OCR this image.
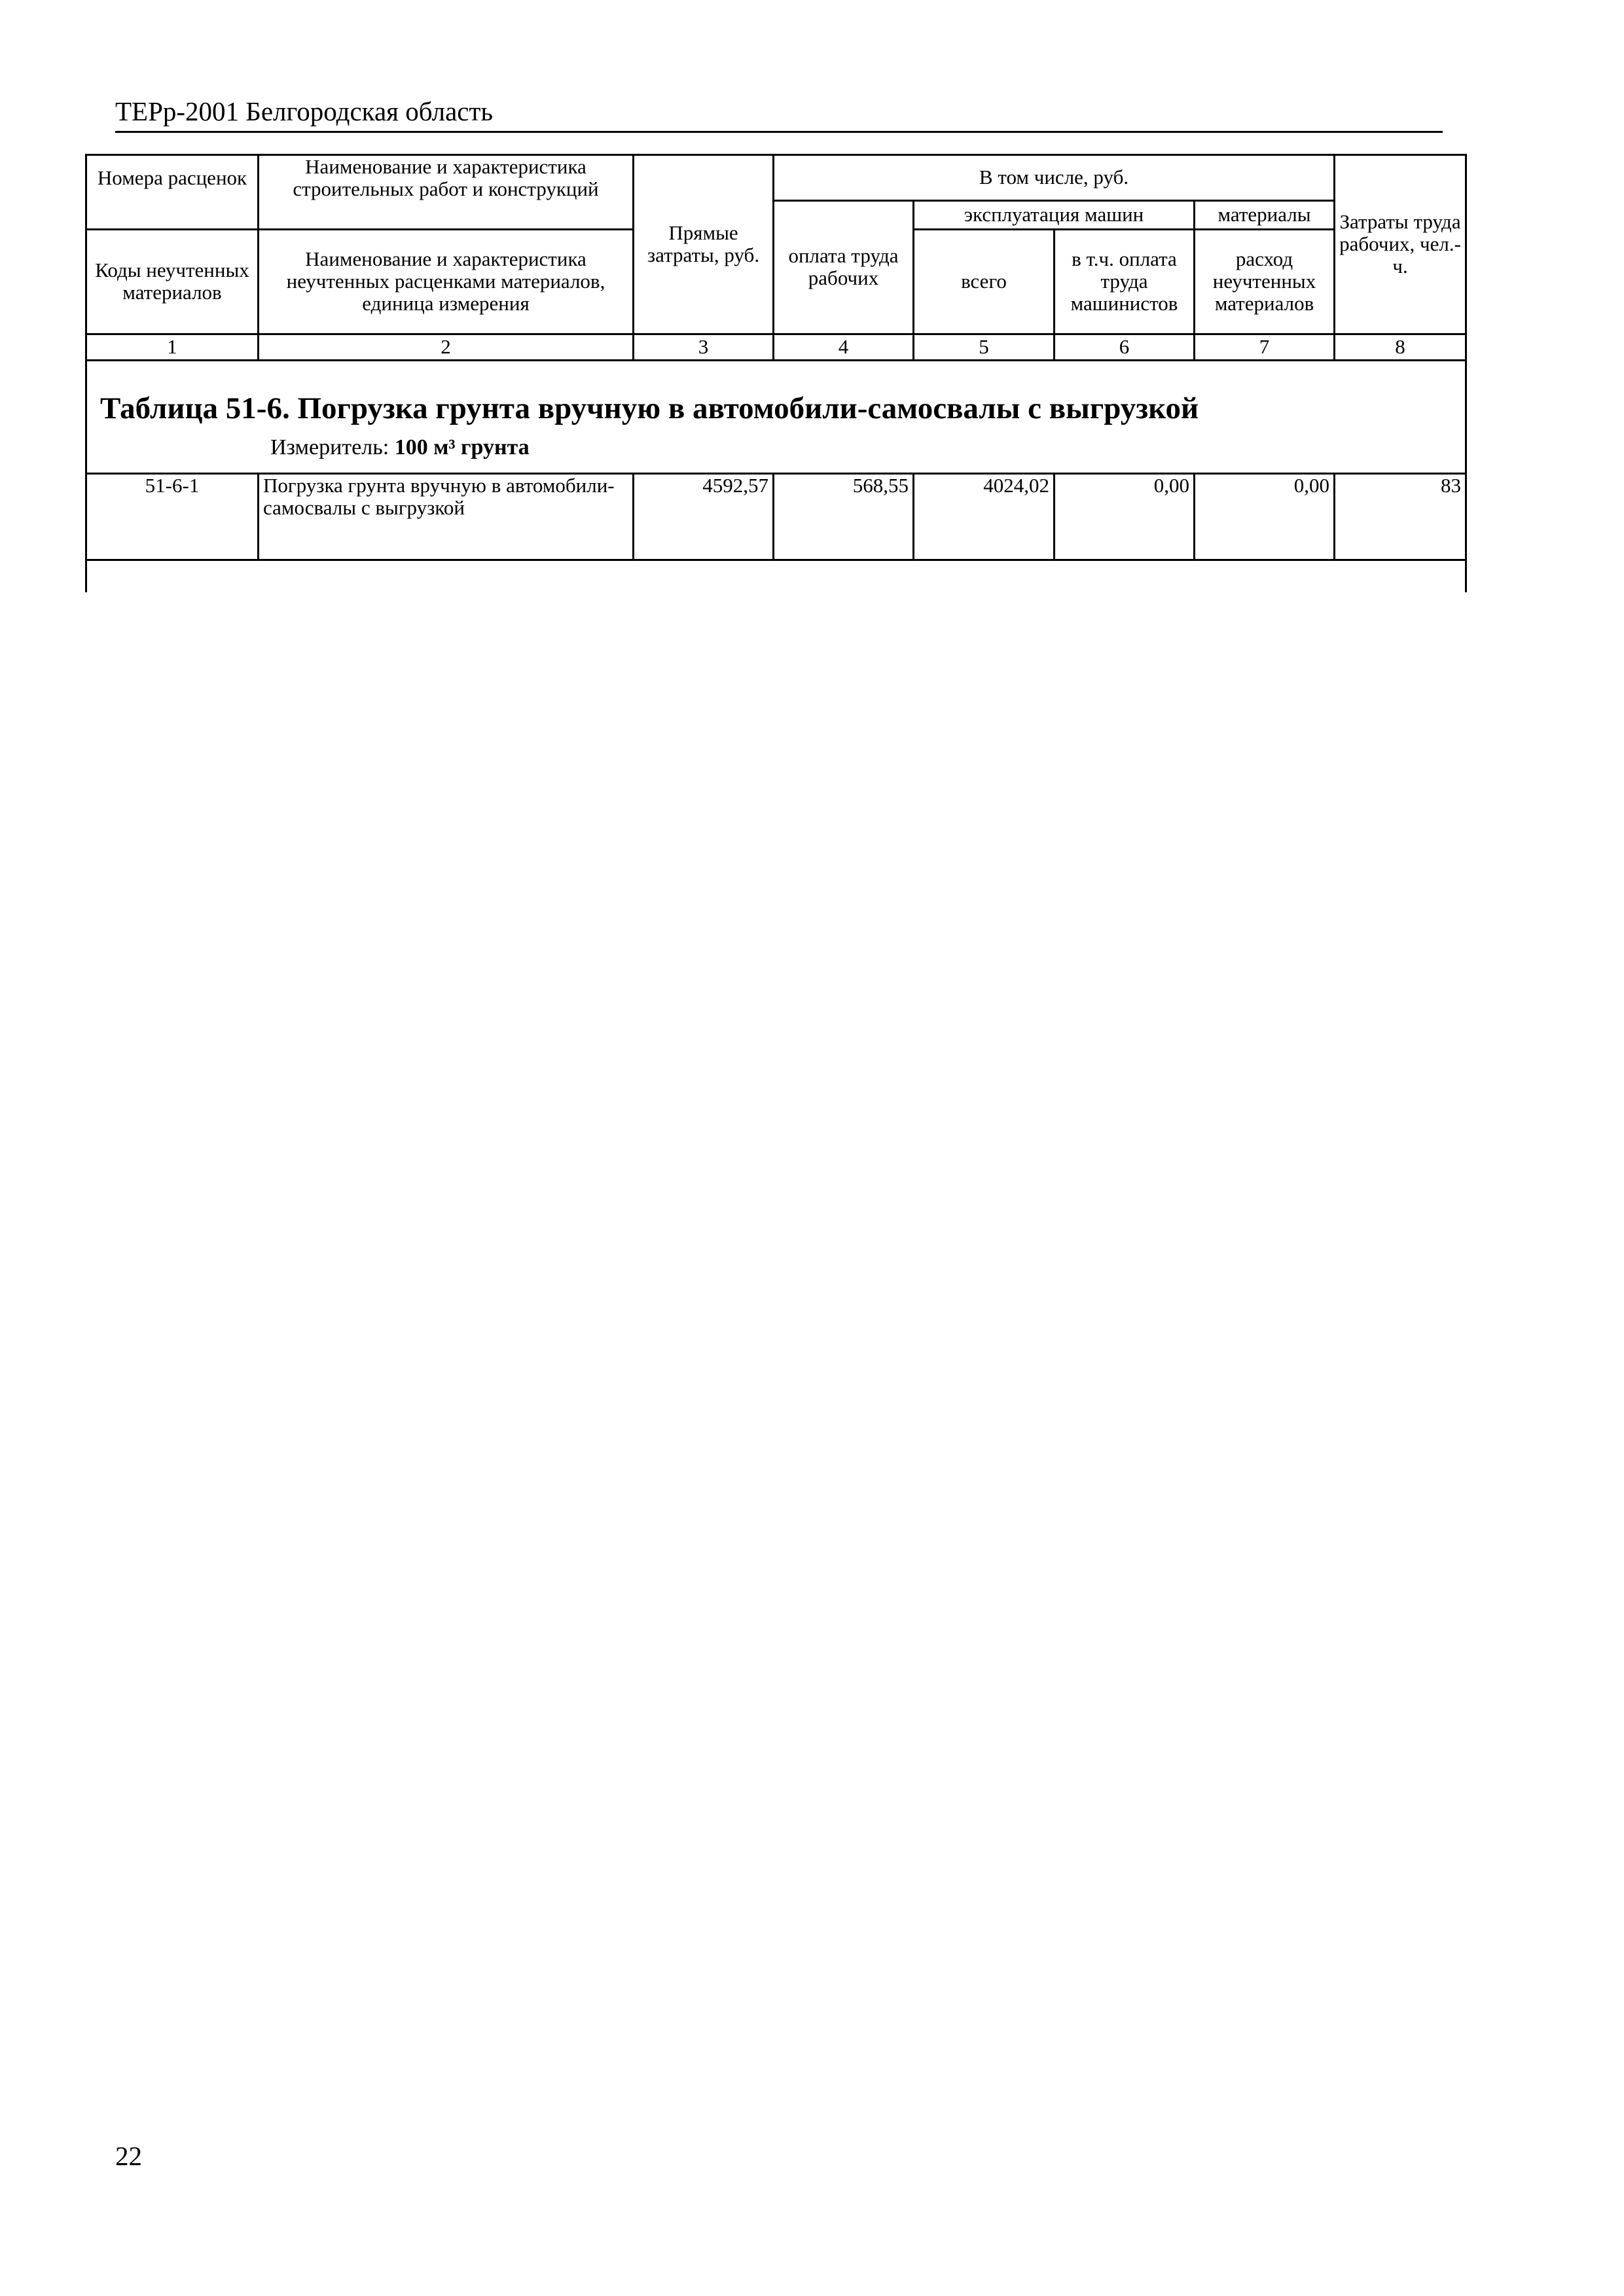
ТЕРр-2001 Белгородская область
Номера расценок	Наименование и характеристика строительных работ и конструкций	Прямые затраты, руб.	В том числе, руб.				Затраты труда рабочих, чел.-ч.
			оплата труда рабочих	эксплуатация машин		материалы	
Коды неучтенных материалов	Наименование и характеристика неучтенных расценками материалов, единица измерения			всего	в т.ч. оплата труда машинистов	расход неучтенных материалов	
1	2	3	4	5	6	7	8

Таблица 51-6. Погрузка грунта вручную в автомобили-самосвалы с выгрузкой
Измеритель: 100 м³ грунта							

51-6-1	Погрузка грунта вручную в автомобили-самосвалы с выгрузкой	4592,57	568,55	4024,02	0,00	0,00	83

22
